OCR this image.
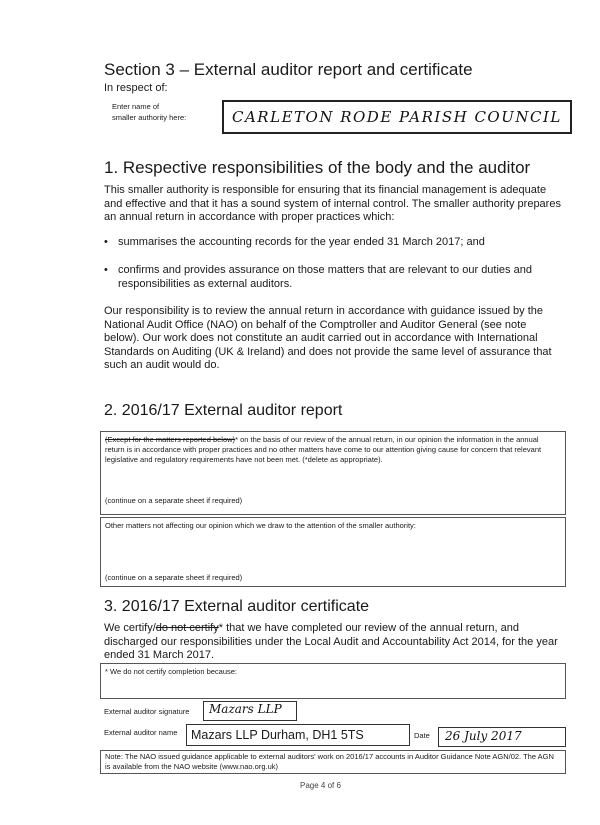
Section 3 – External auditor report and certificate
In respect of:
Enter name of
smaller authority here:	CARLETON RODE PARISH COUNCIL
1. Respective responsibilities of the body and the auditor
This smaller authority is responsible for ensuring that its financial management is adequate and effective and that it has a sound system of internal control. The smaller authority prepares an annual return in accordance with proper practices which:
• summarises the accounting records for the year ended 31 March 2017; and
• confirms and provides assurance on those matters that are relevant to our duties and responsibilities as external auditors.
Our responsibility is to review the annual return in accordance with guidance issued by the National Audit Office (NAO) on behalf of the Comptroller and Auditor General (see note below). Our work does not constitute an audit carried out in accordance with International Standards on Auditing (UK & Ireland) and does not provide the same level of assurance that such an audit would do.
2. 2016/17 External auditor report
(Except for the matters reported below)* on the basis of our review of the annual return, in our opinion the information in the annual return is in accordance with proper practices and no other matters have come to our attention giving cause for concern that relevant legislative and regulatory requirements have not been met. (*delete as appropriate).
(continue on a separate sheet if required)
Other matters not affecting our opinion which we draw to the attention of the smaller authority:
(continue on a separate sheet if required)
3. 2016/17 External auditor certificate
We certify/do not certify* that we have completed our review of the annual return, and discharged our responsibilities under the Local Audit and Accountability Act 2014, for the year ended 31 March 2017.
* We do not certify completion because:
External auditor signature Mazars LLP
External auditor name Mazars LLP Durham, DH1 5TS	Date 26 July 2017
Note: The NAO issued guidance applicable to external auditors' work on 2016/17 accounts in Auditor Guidance Note AGN/02. The AGN is available from the NAO website (www.nao.org.uk)
Page 4 of 6
